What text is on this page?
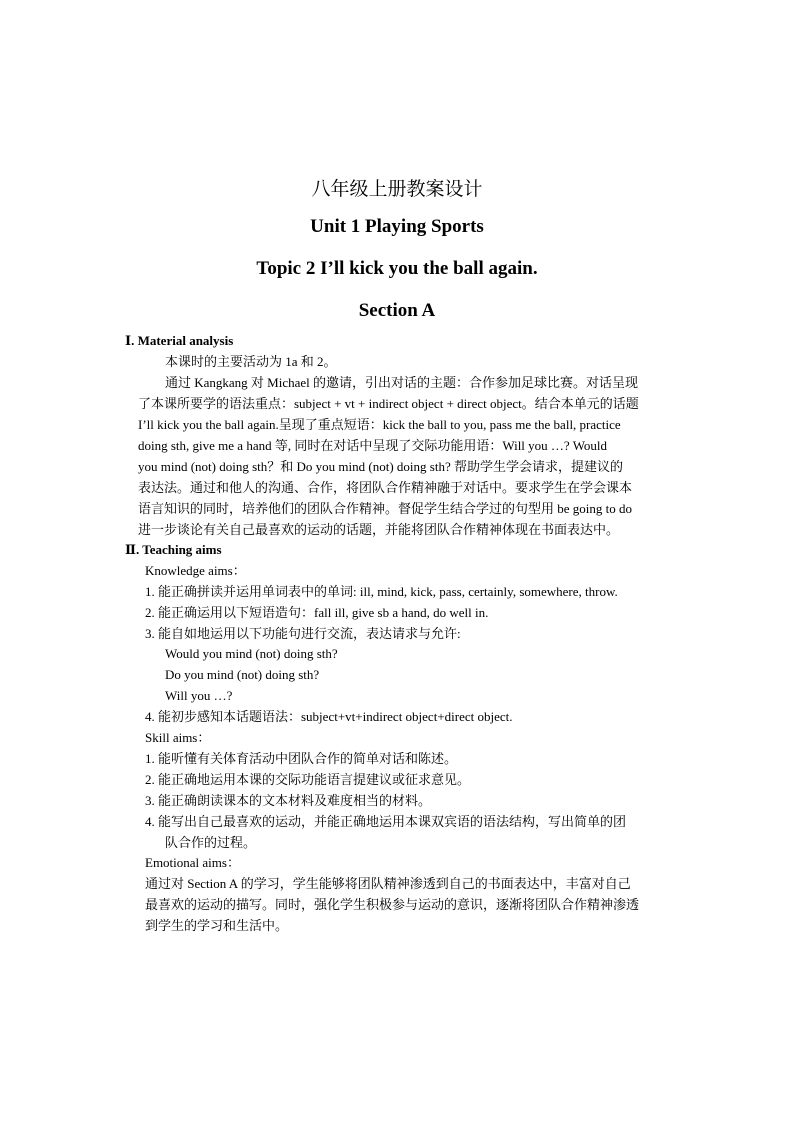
八年级上册教案设计
Unit 1 Playing Sports
Topic 2 I’ll kick you the ball again.
Section A
Ⅰ. Material analysis
本课时的主要活动为 1a 和 2。
通过 Kangkang 对 Michael 的邀请，引出对话的主题：合作参加足球比赛。对话呈现
了本课所要学的语法重点：subject + vt + indirect object + direct object。结合本单元的话题
I’ll kick you the ball again.呈现了重点短语：kick the ball to you, pass me the ball, practice
doing sth, give me a hand 等, 同时在对话中呈现了交际功能用语：Will you …? Would
you mind (not) doing sth？和 Do you mind (not) doing sth? 帮助学生学会请求，提建议的
表达法。通过和他人的沟通、合作，将团队合作精神融于对话中。要求学生在学会课本
语言知识的同时，培养他们的团队合作精神。督促学生结合学过的句型用 be going to do
进一步谈论有关自己最喜欢的运动的话题，并能将团队合作精神体现在书面表达中。
Ⅱ. Teaching aims
Knowledge aims：
1. 能正确拼读并运用单词表中的单词: ill, mind, kick, pass, certainly, somewhere, throw.
2. 能正确运用以下短语造句：fall ill, give sb a hand, do well in.
3. 能自如地运用以下功能句进行交流，表达请求与允许:
Would you mind (not) doing sth?
Do you mind (not) doing sth?
Will you …?
4. 能初步感知本话题语法：subject+vt+indirect object+direct object.
Skill aims：
1. 能听懂有关体育活动中团队合作的简单对话和陈述。
2. 能正确地运用本课的交际功能语言提建议或征求意见。
3. 能正确朗读课本的文本材料及难度相当的材料。
4. 能写出自己最喜欢的运动，并能正确地运用本课双宾语的语法结构，写出简单的团
队合作的过程。
Emotional aims：
通过对 Section A 的学习，学生能够将团队精神渗透到自己的书面表达中，丰富对自己
最喜欢的运动的描写。同时，强化学生积极参与运动的意识，逐渐将团队合作精神渗透
到学生的学习和生活中。
